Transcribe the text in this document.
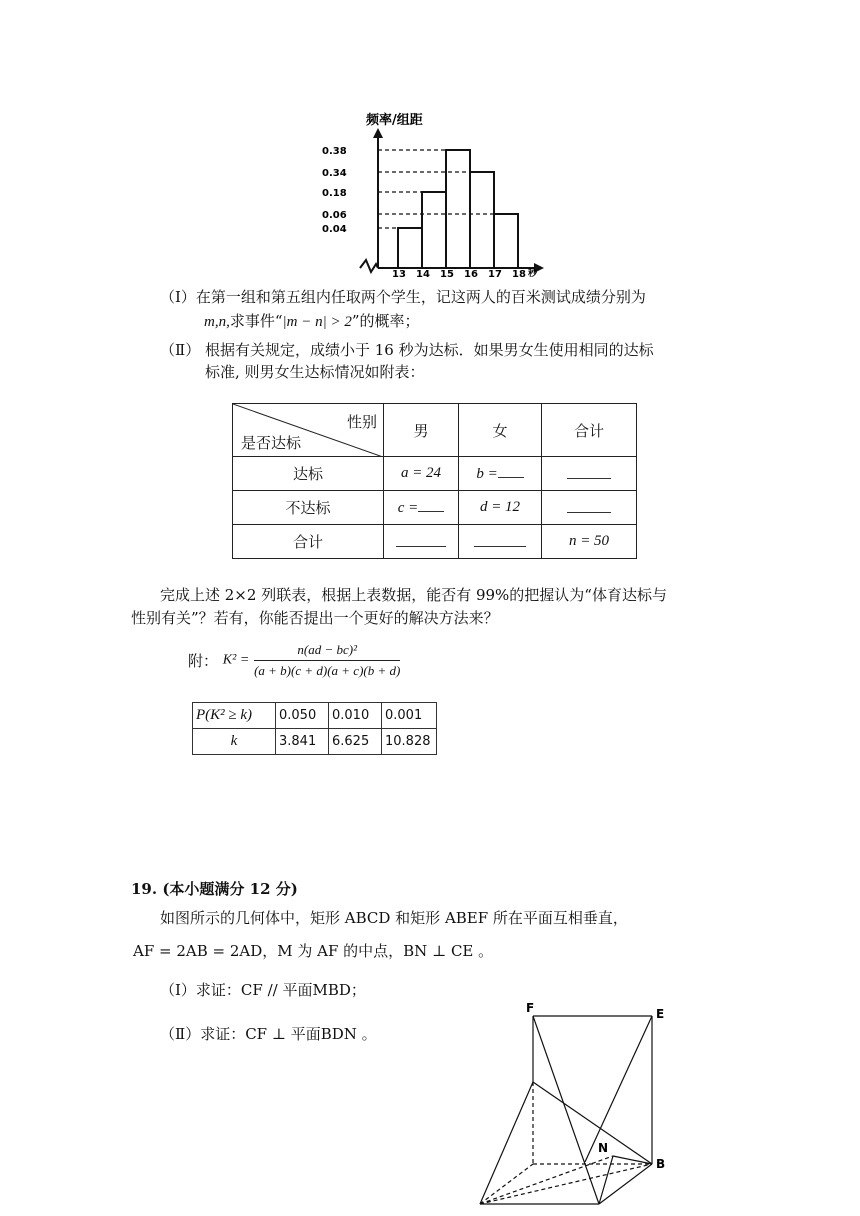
频率/组距
0.38
0.34
0.18
0.06
0.04
13 14 15 16 17 18 秒
（Ⅰ）在第一组和第五组内任取两个学生，记这两人的百米测试成绩分别为
m,n,求事件“|m − n| > 2”的概率；
（Ⅱ） 根据有关规定，成绩小于 16 秒为达标．如果男女生使用相同的达标
标准, 则男女生达标情况如附表：
性别
是否达标	男	女	合计
达标	a = 24	b =	
不达标	c =	d = 12	
合计			n = 50
完成上述 2×2 列联表，根据上表数据，能否有 99%的把握认为“体育达标与
性别有关”？若有，你能否提出一个更好的解决方法来？
附： $K^2 = \frac{\text{n(ad − bc)²}}{(a + b)(c + d)(a + c)(b + d)}$
P(K² ≥ k)	0.050	0.010	0.001
k	3.841	6.625	10.828
19. (本小题满分 12 分)
如图所示的几何体中，矩形 ABCD 和矩形 ABEF 所在平面互相垂直，
AF = 2AB = 2AD，M 为 AF 的中点，BN ⊥ CE 。
（Ⅰ）求证：CF // 平面MBD；
（Ⅱ）求证：CF ⊥ 平面BDN 。
F	E
N
B
